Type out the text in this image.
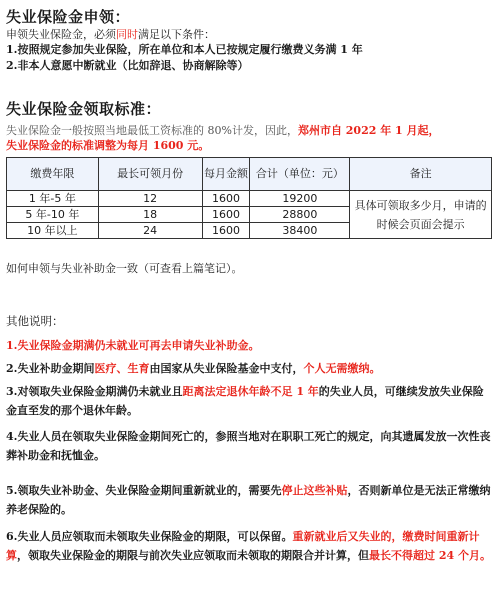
失业保险金申领：
申领失业保险金，必须同时满足以下条件：
1.按照规定参加失业保险，所在单位和本人已按规定履行缴费义务满 1 年
2.非本人意愿中断就业（比如辞退、协商解除等）
失业保险金领取标准：
失业保险金一般按照当地最低工资标准的 80%计发，因此，郑州市自 2022 年 1 月起，
失业保险金的标准调整为每月 1600 元。
缴费年限	最长可领月份	每月金额	合计（单位：元）	备注
1 年-5 年	12	1600	19200	具体可领取多少月，申请的时候会页面会提示
5 年-10 年	18	1600	28800	
10 年以上	24	1600	38400	
如何申领与失业补助金一致（可查看上篇笔记）。
其他说明：
1.失业保险金期满仍未就业可再去申请失业补助金。
2.失业补助金期间医疗、生育由国家从失业保险基金中支付，个人无需缴纳。
3.对领取失业保险金期满仍未就业且距离法定退休年龄不足 1 年的失业人员，可继续发放失业保险金直至发的那个退休年龄。
4.失业人员在领取失业保险金期间死亡的，参照当地对在职职工死亡的规定，向其遗属发放一次性丧葬补助金和抚恤金。
5.领取失业补助金、失业保险金期间重新就业的，需要先停止这些补贴，否则新单位是无法正常缴纳养老保险的。
6.失业人员应领取而未领取失业保险金的期限，可以保留。重新就业后又失业的，缴费时间重新计算，领取失业保险金的期限与前次失业应领取而未领取的期限合并计算，但最长不得超过 24 个月。
